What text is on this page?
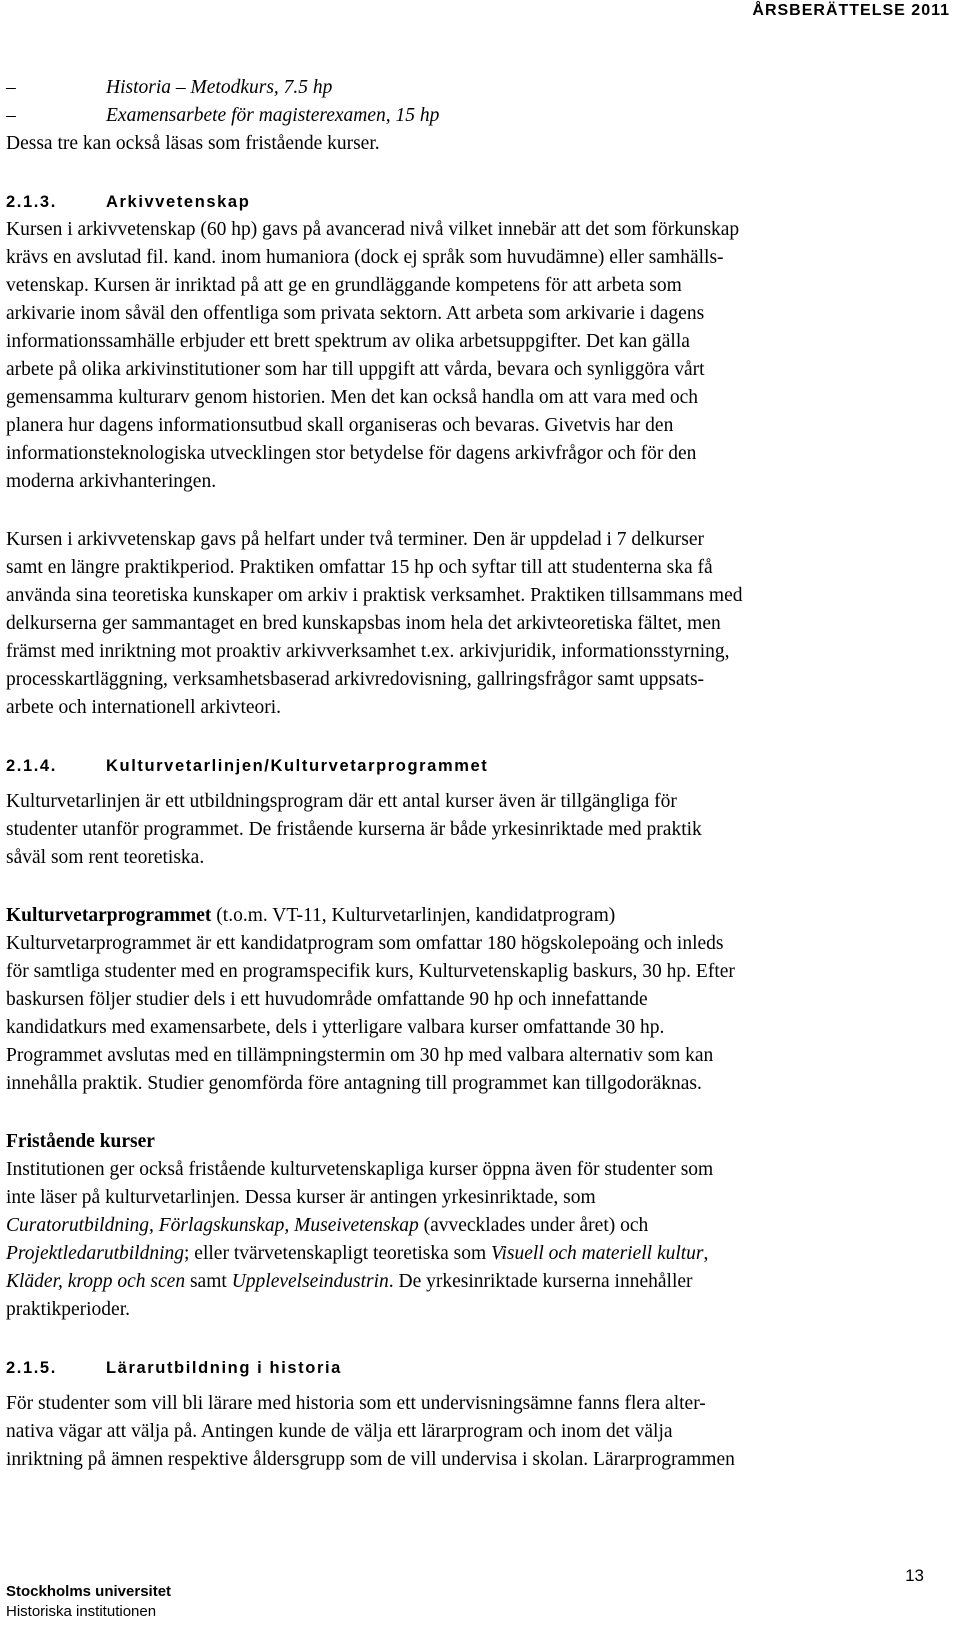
ÅRSBERÄTTELSE 2011
–	Historia – Metodkurs, 7.5 hp
–	Examensarbete för magisterexamen, 15 hp
Dessa tre kan också läsas som fristående kurser.
2.1.3.	Arkivvetenskap
Kursen i arkivvetenskap (60 hp) gavs på avancerad nivå vilket innebär att det som förkunskap
krävs en avslutad fil. kand. inom humaniora (dock ej språk som huvudämne) eller samhälls-
vetenskap. Kursen är inriktad på att ge en grundläggande kompetens för att arbeta som
arkivarie inom såväl den offentliga som privata sektorn. Att arbeta som arkivarie i dagens
informationssamhälle erbjuder ett brett spektrum av olika arbetsuppgifter. Det kan gälla
arbete på olika arkivinstitutioner som har till uppgift att vårda, bevara och synliggöra vårt
gemensamma kulturarv genom historien. Men det kan också handla om att vara med och
planera hur dagens informationsutbud skall organiseras och bevaras. Givetvis har den
informationsteknologiska utvecklingen stor betydelse för dagens arkivfrågor och för den
moderna arkivhanteringen.
Kursen i arkivvetenskap gavs på helfart under två terminer. Den är uppdelad i 7 delkurser
samt en längre praktikperiod. Praktiken omfattar 15 hp och syftar till att studenterna ska få
använda sina teoretiska kunskaper om arkiv i praktisk verksamhet. Praktiken tillsammans med
delkurserna ger sammantaget en bred kunskapsbas inom hela det arkivteoretiska fältet, men
främst med inriktning mot proaktiv arkivverksamhet t.ex. arkivjuridik, informationsstyrning,
processkartläggning, verksamhetsbaserad arkivredovisning, gallringsfrågor samt uppsats-
arbete och internationell arkivteori.
2.1.4.	Kulturvetarlinjen/Kulturvetarprogrammet
Kulturvetarlinjen är ett utbildningsprogram där ett antal kurser även är tillgängliga för
studenter utanför programmet. De fristående kurserna är både yrkesinriktade med praktik
såväl som rent teoretiska.
Kulturvetarprogrammet (t.o.m. VT-11, Kulturvetarlinjen, kandidatprogram)
Kulturvetarprogrammet är ett kandidatprogram som omfattar 180 högskolepoäng och inleds
för samtliga studenter med en programspecifik kurs, Kulturvetenskaplig baskurs, 30 hp. Efter
baskursen följer studier dels i ett huvudområde omfattande 90 hp och innefattande
kandidatkurs med examensarbete, dels i ytterligare valbara kurser omfattande 30 hp.
Programmet avslutas med en tillämpningstermin om 30 hp med valbara alternativ som kan
innehålla praktik. Studier genomförda före antagning till programmet kan tillgodoräknas.
Fristående kurser
Institutionen ger också fristående kulturvetenskapliga kurser öppna även för studenter som
inte läser på kulturvetarlinjen. Dessa kurser är antingen yrkesinriktade, som
Curatorutbildning, Förlagskunskap, Museivetenskap (avvecklades under året) och
Projektledarutbildning; eller tvärvetenskapligt teoretiska som Visuell och materiell kultur,
Kläder, kropp och scen samt Upplevelseindustrin. De yrkesinriktade kurserna innehåller
praktikperioder.
2.1.5.	Lärarutbildning i historia
För studenter som vill bli lärare med historia som ett undervisningsämne fanns flera alter-
nativa vägar att välja på. Antingen kunde de välja ett lärarprogram och inom det välja
inriktning på ämnen respektive åldersgrupp som de vill undervisa i skolan. Lärarprogrammen
13
Stockholms universitet
Historiska institutionen
